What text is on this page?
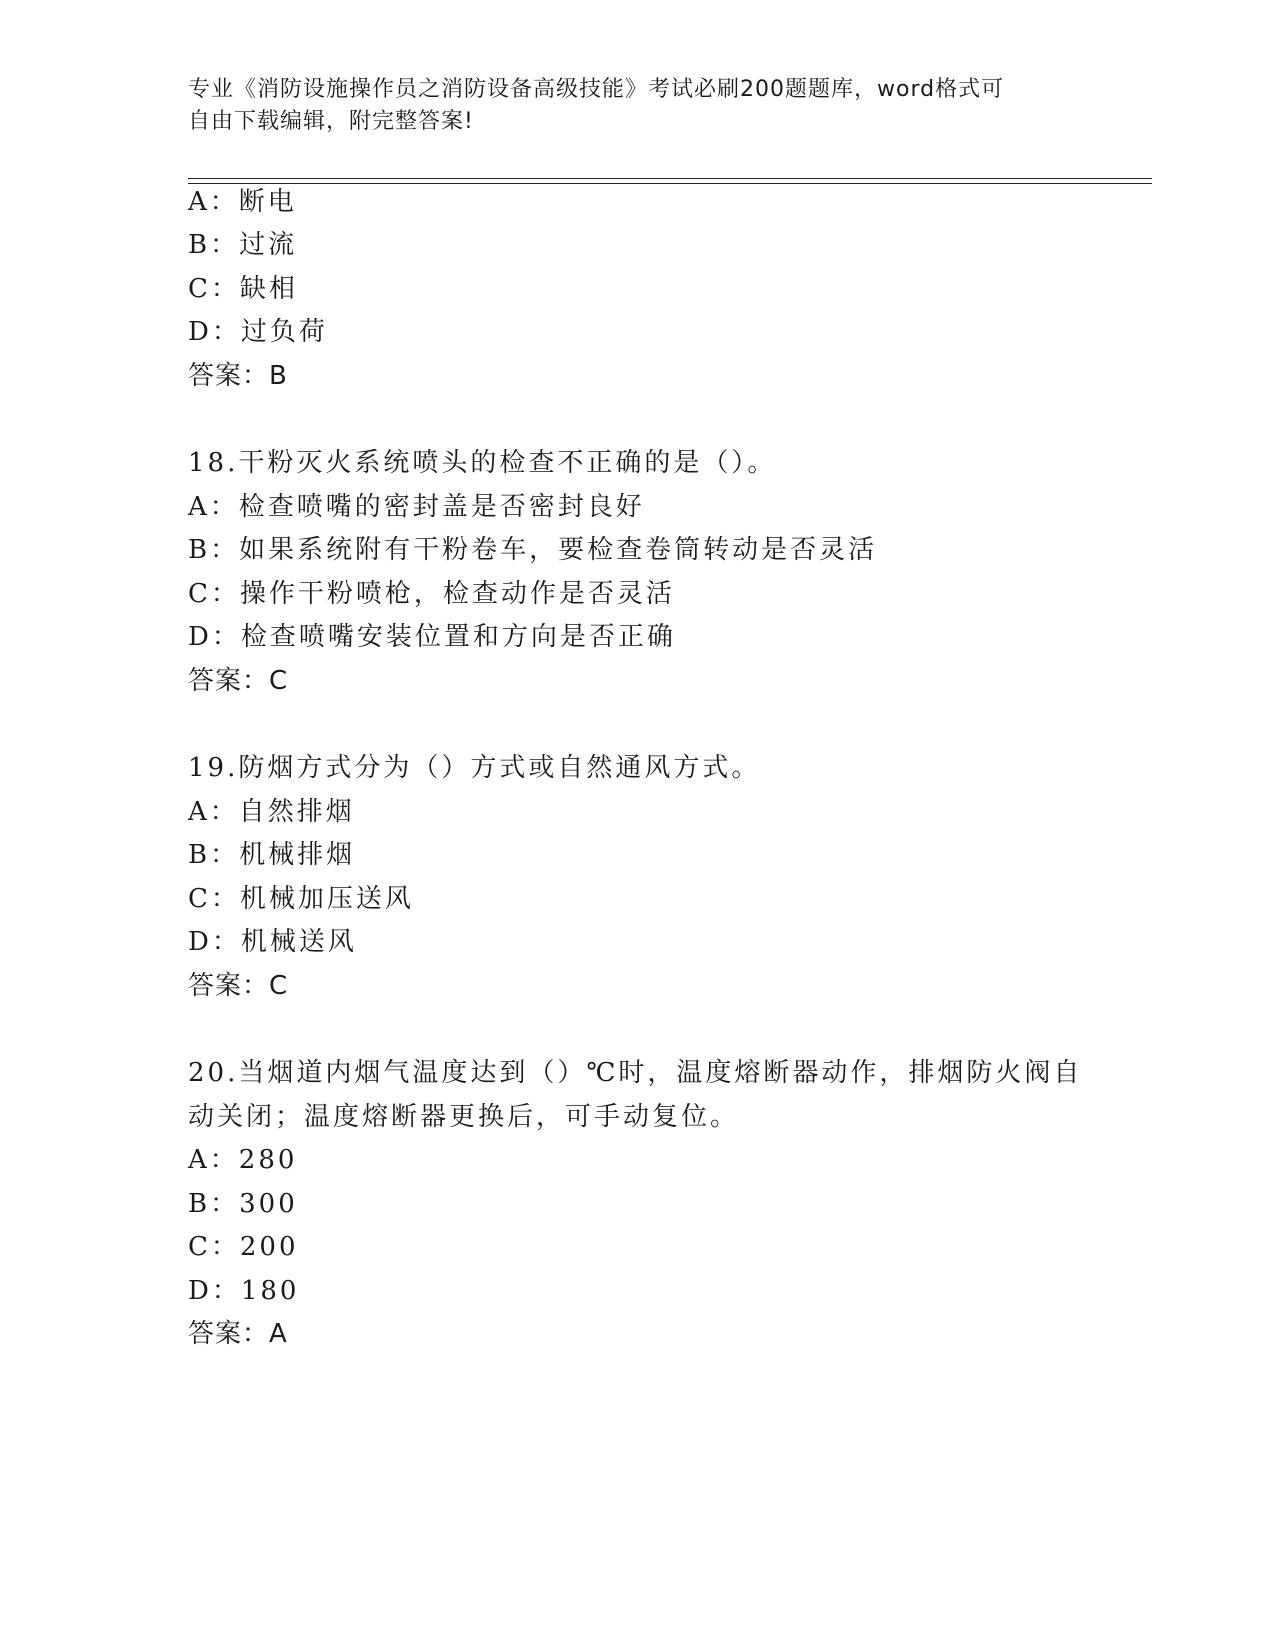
专业《消防设施操作员之消防设备高级技能》考试必刷200题题库，word格式可
自由下载编辑，附完整答案!
A：断电
B：过流
C：缺相
D：过负荷
答案：B
18.干粉灭火系统喷头的检查不正确的是（）。
A：检查喷嘴的密封盖是否密封良好
B：如果系统附有干粉卷车，要检查卷筒转动是否灵活
C：操作干粉喷枪，检查动作是否灵活
D：检查喷嘴安装位置和方向是否正确
答案：C
19.防烟方式分为（）方式或自然通风方式。
A：自然排烟
B：机械排烟
C：机械加压送风
D：机械送风
答案：C
20.当烟道内烟气温度达到（）℃时，温度熔断器动作，排烟防火阀自
动关闭；温度熔断器更换后，可手动复位。
A：280
B：300
C：200
D：180
答案：A
